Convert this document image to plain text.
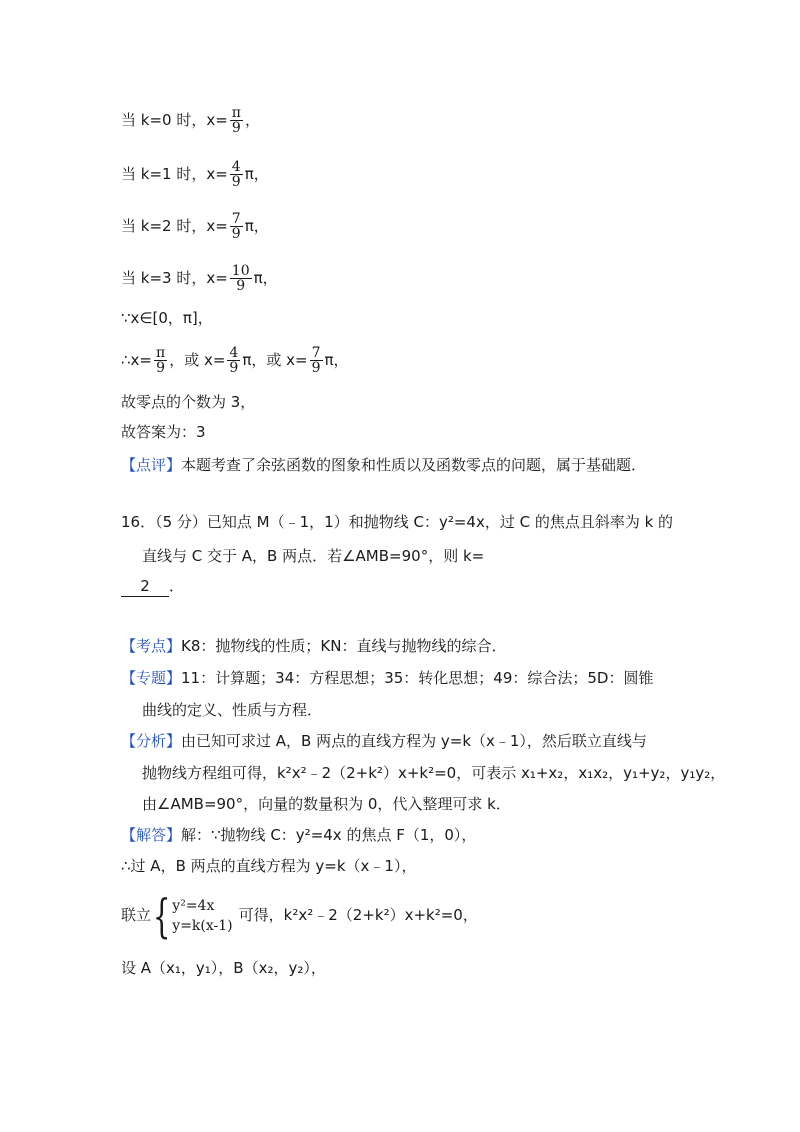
当 k=0 时，$x= \frac{\pi}{9}$ ，
当 k=1 时，$x= \frac{4}{9}$ π，
当 k=2 时，$x= \frac{7}{9}$ π，
当 k=3 时，$x= \frac{10}{9}$ π，
∵x∈[0，π]，
∴x= $\frac{\pi}{9}$ ，或 $x= \frac{4}{9}$ π，或 $x= \frac{7}{9}$ π，
故零点的个数为 3，
故答案为：3
【点评】本题考查了余弦函数的图象和性质以及函数零点的问题，属于基础题．
16．（5 分）已知点 M（﹣1，1）和抛物线 C：y²=4x，过 C 的焦点且斜率为 k 的
直线与 C 交于 A，B 两点．若∠AMB=90°，则 k=
2 ．
【考点】K8：抛物线的性质；KN：直线与抛物线的综合．
【专题】11：计算题；34：方程思想；35：转化思想；49：综合法；5D：圆锥
曲线的定义、性质与方程．
【分析】由已知可求过 A，B 两点的直线方程为 y=k（x﹣1），然后联立直线与
抛物线方程组可得，k²x²﹣2（2+k²）x+k²=0，可表示 x₁+x₂，x₁x₂，y₁+y₂，y₁y₂，
由∠AMB=90°，向量的数量积为 0，代入整理可求 k．
【解答】解：∵抛物线 C：y²=4x 的焦点 F（1，0），
∴过 A，B 两点的直线方程为 y=k（x﹣1），
联立{ y²=4x
y=k(x-1)
可得，k²x²﹣2（2+k²）x+k²=0，
设 A（x₁，y₁），B（x₂，y₂），
